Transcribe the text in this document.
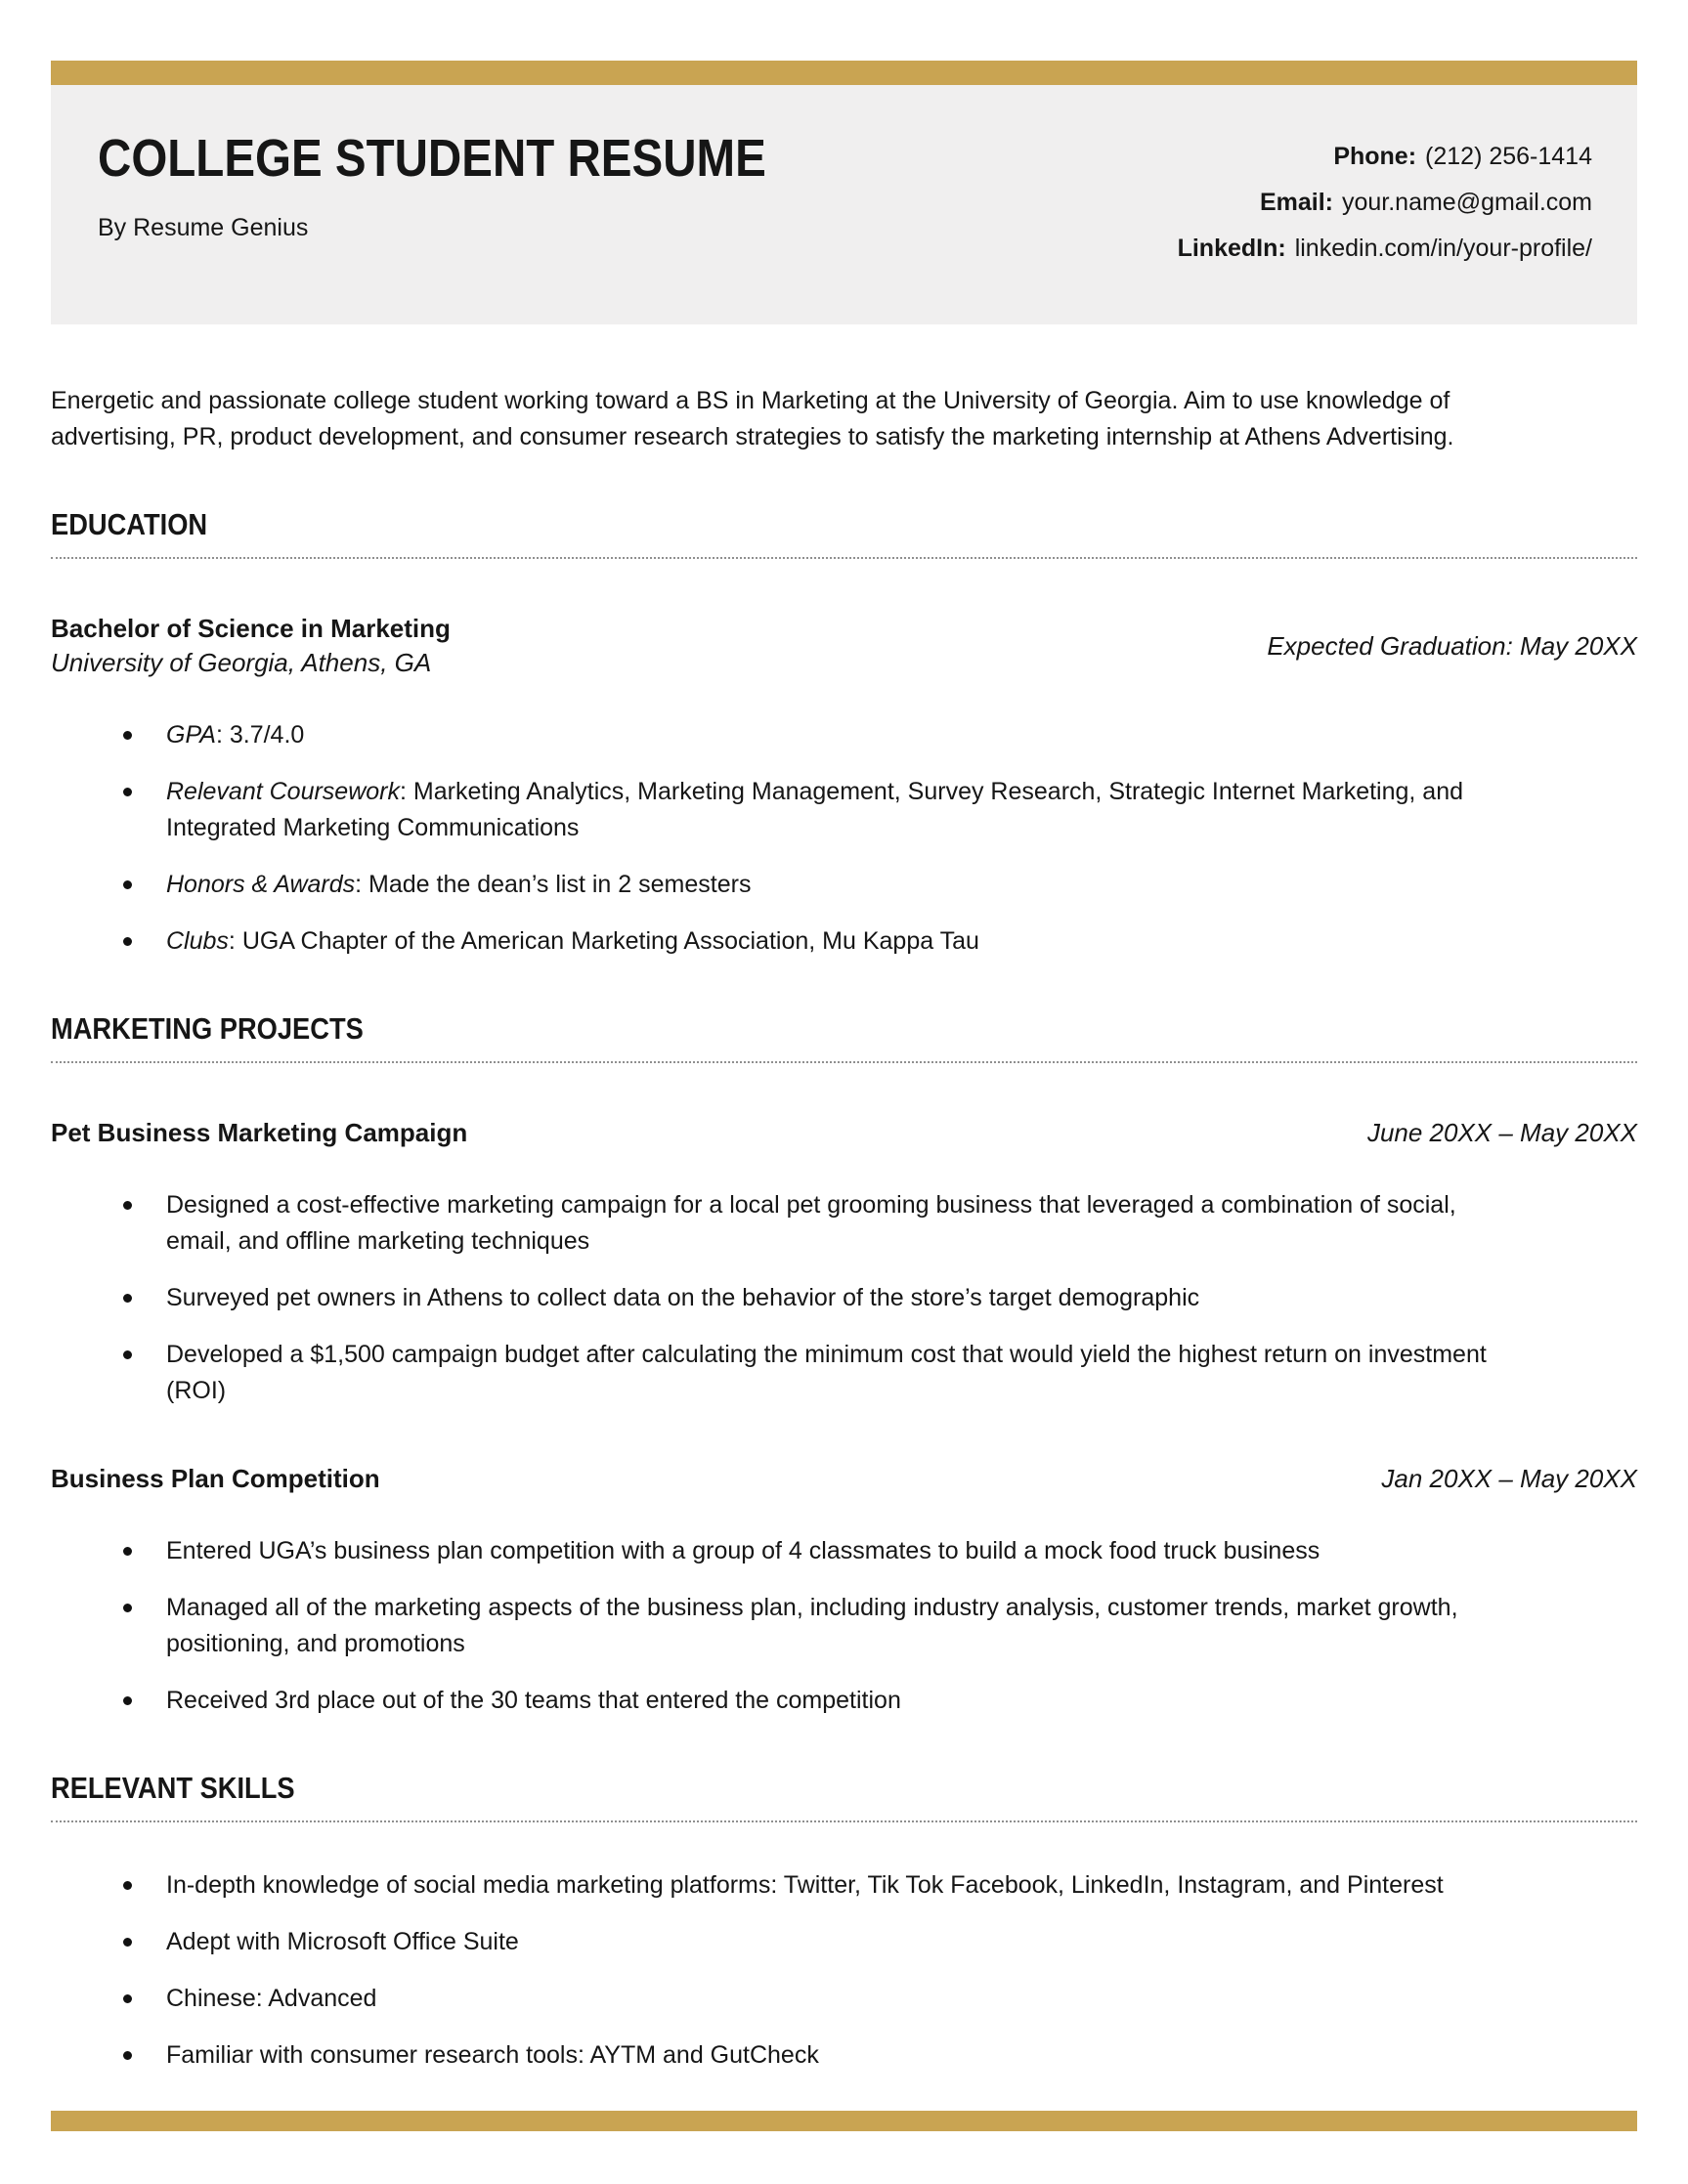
COLLEGE STUDENT RESUME
By Resume Genius
Phone: (212) 256-1414
Email: your.name@gmail.com
LinkedIn: linkedin.com/in/your-profile/

Energetic and passionate college student working toward a BS in Marketing at the University of Georgia. Aim to use knowledge of advertising, PR, product development, and consumer research strategies to satisfy the marketing internship at Athens Advertising.

EDUCATION
Bachelor of Science in Marketing
University of Georgia, Athens, GA
Expected Graduation: May 20XX
GPA: 3.7/4.0
Relevant Coursework: Marketing Analytics, Marketing Management, Survey Research, Strategic Internet Marketing, and Integrated Marketing Communications
Honors & Awards: Made the dean’s list in 2 semesters
Clubs: UGA Chapter of the American Marketing Association, Mu Kappa Tau
MARKETING PROJECTS
Pet Business Marketing Campaign	June 20XX – May 20XX
Designed a cost-effective marketing campaign for a local pet grooming business that leveraged a combination of social, email, and offline marketing techniques
Surveyed pet owners in Athens to collect data on the behavior of the store’s target demographic
Developed a $1,500 campaign budget after calculating the minimum cost that would yield the highest return on investment (ROI)
Business Plan Competition	Jan 20XX – May 20XX
Entered UGA’s business plan competition with a group of 4 classmates to build a mock food truck business
Managed all of the marketing aspects of the business plan, including industry analysis, customer trends, market growth, positioning, and promotions
Received 3rd place out of the 30 teams that entered the competition
RELEVANT SKILLS
In-depth knowledge of social media marketing platforms: Twitter, Tik Tok Facebook, LinkedIn, Instagram, and Pinterest
Adept with Microsoft Office Suite
Chinese: Advanced
Familiar with consumer research tools: AYTM and GutCheck
